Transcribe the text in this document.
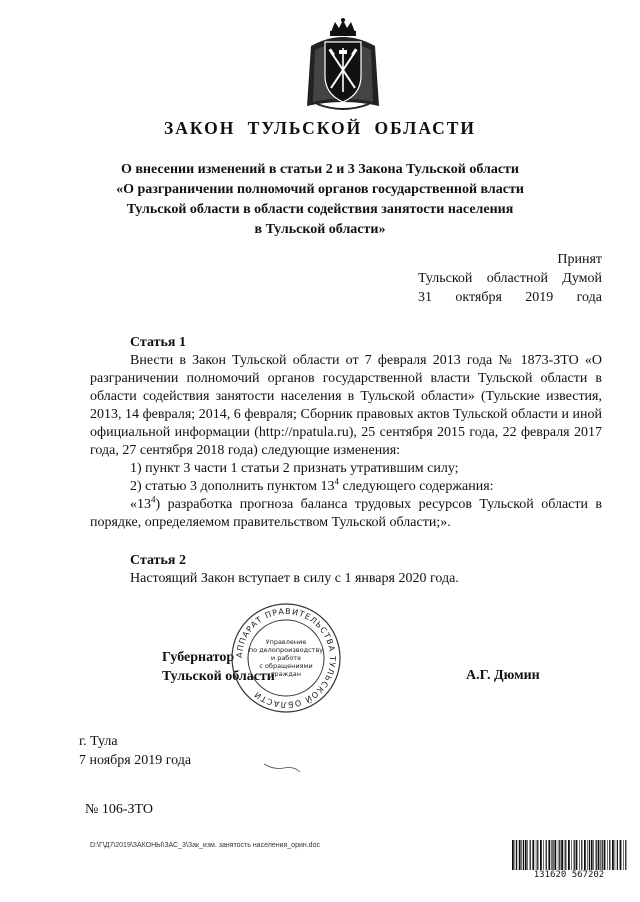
ЗАКОН ТУЛЬСКОЙ ОБЛАСТИ
О внесении изменений в статьи 2 и 3 Закона Тульской области
«О разграничении полномочий органов государственной власти
Тульской области в области содействия занятости населения
в Тульской области»
Принят
Тульской областной Думой
31 октября 2019 года
Статья 1

Внести в Закон Тульской области от 7 февраля 2013 года № 1873-ЗТО «О разграничении полномочий органов государственной власти Тульской области в области содействия занятости населения в Тульской области» (Тульские известия, 2013, 14 февраля; 2014, 6 февраля; Сборник правовых актов Тульской области и иной официальной информации (http://npatula.ru), 25 сентября 2015 года, 22 февраля 2017 года, 27 сентября 2018 года) следующие изменения:

1) пункт 3 части 1 статьи 2 признать утратившим силу;

2) статью 3 дополнить пунктом $13^4$ следующего содержания:

«$13^4$) разработка прогноза баланса трудовых ресурсов Тульской области в порядке, определяемом правительством Тульской области;».

Статья 2

Настоящий Закон вступает в силу с 1 января 2020 года.

Губернатор
Тульской области
АППАРАТ ПРАВИТЕЛЬСТВА ТУЛЬСКОЙ ОБЛАСТИ
Управление
по делопроизводству
и работе
с обращениями
граждан	А.Г. Дюмин
г. Тула
7 ноября 2019 года
№ 106-ЗТО
D:\Г\Д7\2019\ЗАКОНЫ\ЗАС_3\Зак_изм. занятость населения_орин.doc
131620 567202
